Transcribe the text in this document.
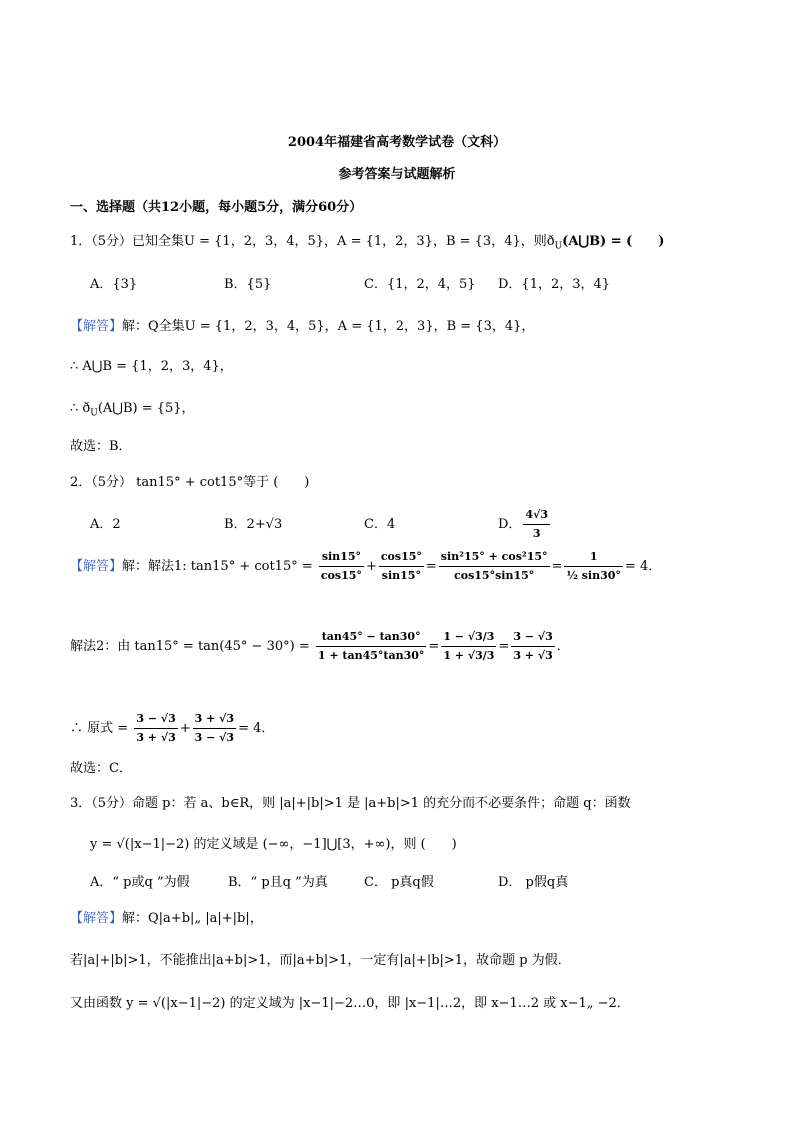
2004年福建省高考数学试卷（文科）
参考答案与试题解析
一、选择题（共12小题，每小题5分，满分60分）
1．（5分）已知全集U = {1，2，3，4，5}，A = {1，2，3}，B = {3，4}，则$ð_U(A⋃B)$ = (　　)
A．{3}	B．{5}	C．{1，2，4，5} D．{1，2，3，4}
【解答】解：Q全集U = {1，2，3，4，5}，A = {1，2，3}，B = {3，4}，
∴ A⋃B = {1，2，3，4}，
∴ $ð_U(A⋃B) = \{5\}$，
故选：B．
2．（5分） tan15° + cot15°等于 (　　)
A．2	B．2+√3	C．4	D． $\frac{4√3}{3}$
【解答】解：解法1: $\tan 15^\circ + \cot 15^\circ = \frac{\sin 15^\circ}{\cos 15^\circ} + \frac{\cos 15^\circ}{\sin 15^\circ} = \frac{\text{sin²15° + cos²15°}}{\cos 15^\circ\sin 15^\circ} = \frac{1}{\text{½ sin30°}} = 4$．
解法2：由 $\tan 15^\circ = \tan(45^\circ - 30^\circ) = \frac{\tan 45^\circ - \tan 30^\circ}{1 + \tan 45^\circ\tan 30^\circ} = \frac{1 - √3/3}{1 + √3/3} = \frac{3 - √3}{3 + √3}$ ．
∴ 原式 = $\frac{3 - √3}{3 + √3} + \frac{3 + √3}{3 - √3} = 4$．
故选：C．
3．（5分）命题 p：若 a、b∈R，则 |a|+|b|>1 是 |a+b|>1 的充分而不必要条件；命题 q：函数
y = √(|x−1|−2) 的定义域是 (−∞，−1]⋃[3，+∞)，则 (　　)
A．“ p或q ”为假	B．“ p且q ”为真	C． p真q假	D． p假q真
【解答】解：Q|a+b|„ |a|+|b|，
若|a|+|b|>1，不能推出|a+b|>1，而|a+b|>1，一定有|a|+|b|>1，故命题 p 为假．
又由函数 y = √(|x−1|−2) 的定义域为 |x−1|−2…0，即 |x−1|…2，即 x−1…2 或 x−1„ −2．
